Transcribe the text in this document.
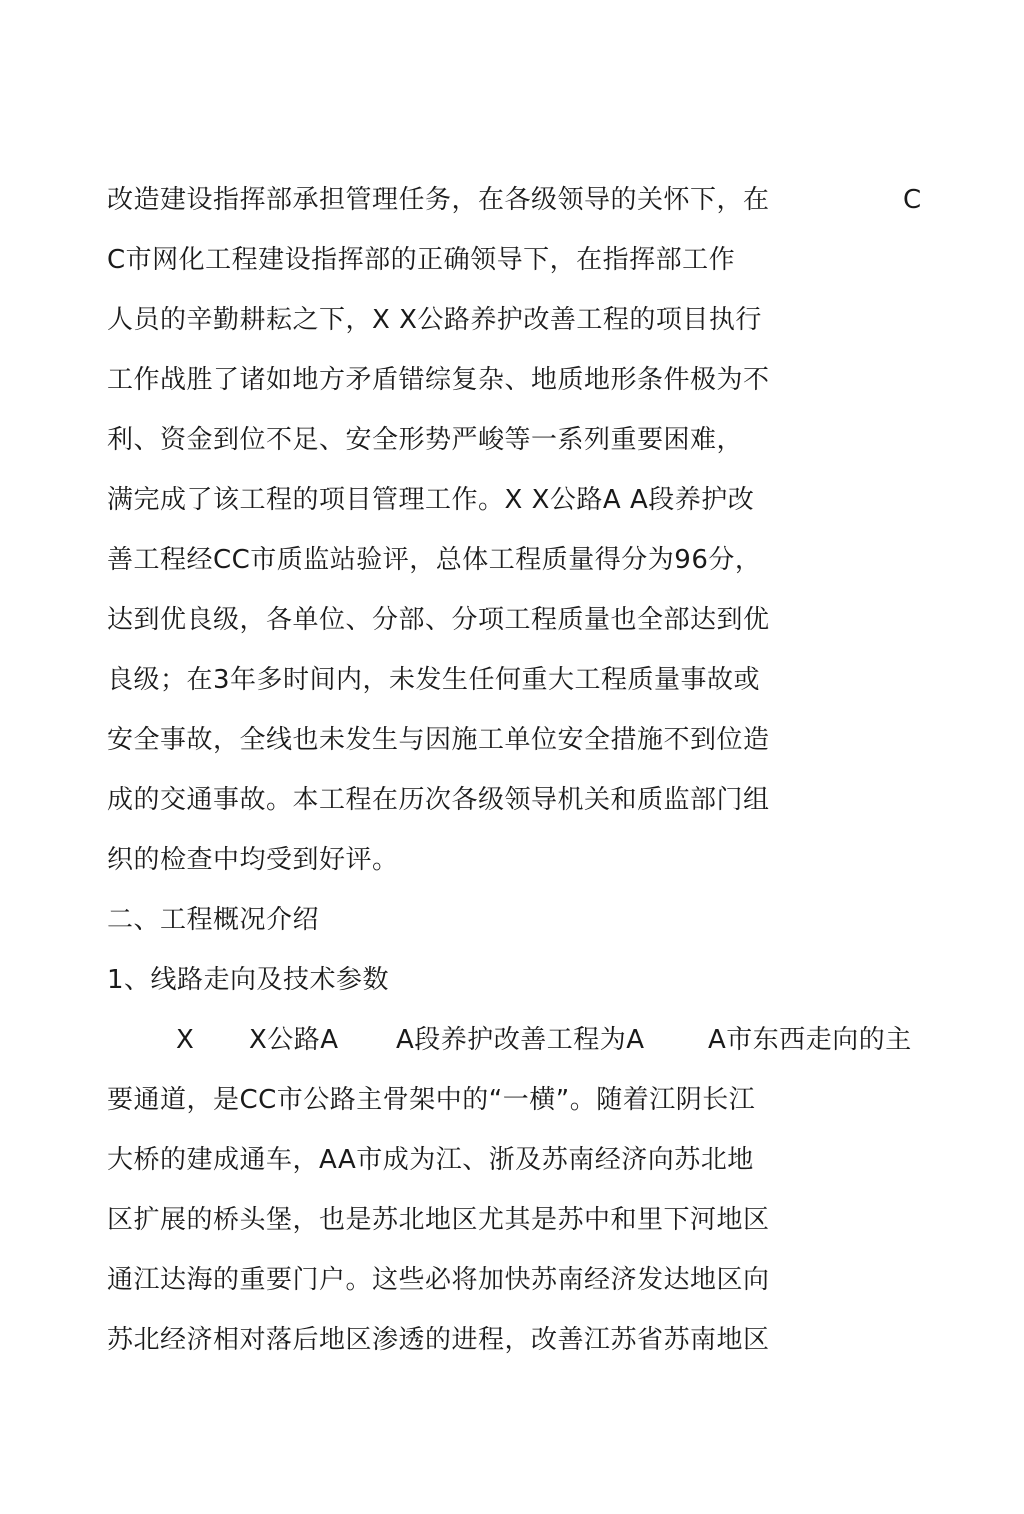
改造建设指挥部承担管理任务，在各级领导的关怀下，在	C
C市网化工程建设指挥部的正确领导下，在指挥部工作
人员的辛勤耕耘之下，X X公路养护改善工程的项目执行
工作战胜了诸如地方矛盾错综复杂、地质地形条件极为不
利、资金到位不足、安全形势严峻等一系列重要困难，
满完成了该工程的项目管理工作。X X公路A A段养护改
善工程经CC市质监站验评，总体工程质量得分为96分，
达到优良级，各单位、分部、分项工程质量也全部达到优
良级；在3年多时间内，未发生任何重大工程质量事故或
安全事故，全线也未发生与因施工单位安全措施不到位造
成的交通事故。本工程在历次各级领导机关和质监部门组
织的检查中均受到好评。
二、工程概况介绍
1、线路走向及技术参数
X X公路A A段养护改善工程为A A市东西走向的主
要通道，是CC市公路主骨架中的“一横”。随着江阴长江
大桥的建成通车，AA市成为江、浙及苏南经济向苏北地
区扩展的桥头堡，也是苏北地区尤其是苏中和里下河地区
通江达海的重要门户。这些必将加快苏南经济发达地区向
苏北经济相对落后地区渗透的进程，改善江苏省苏南地区
